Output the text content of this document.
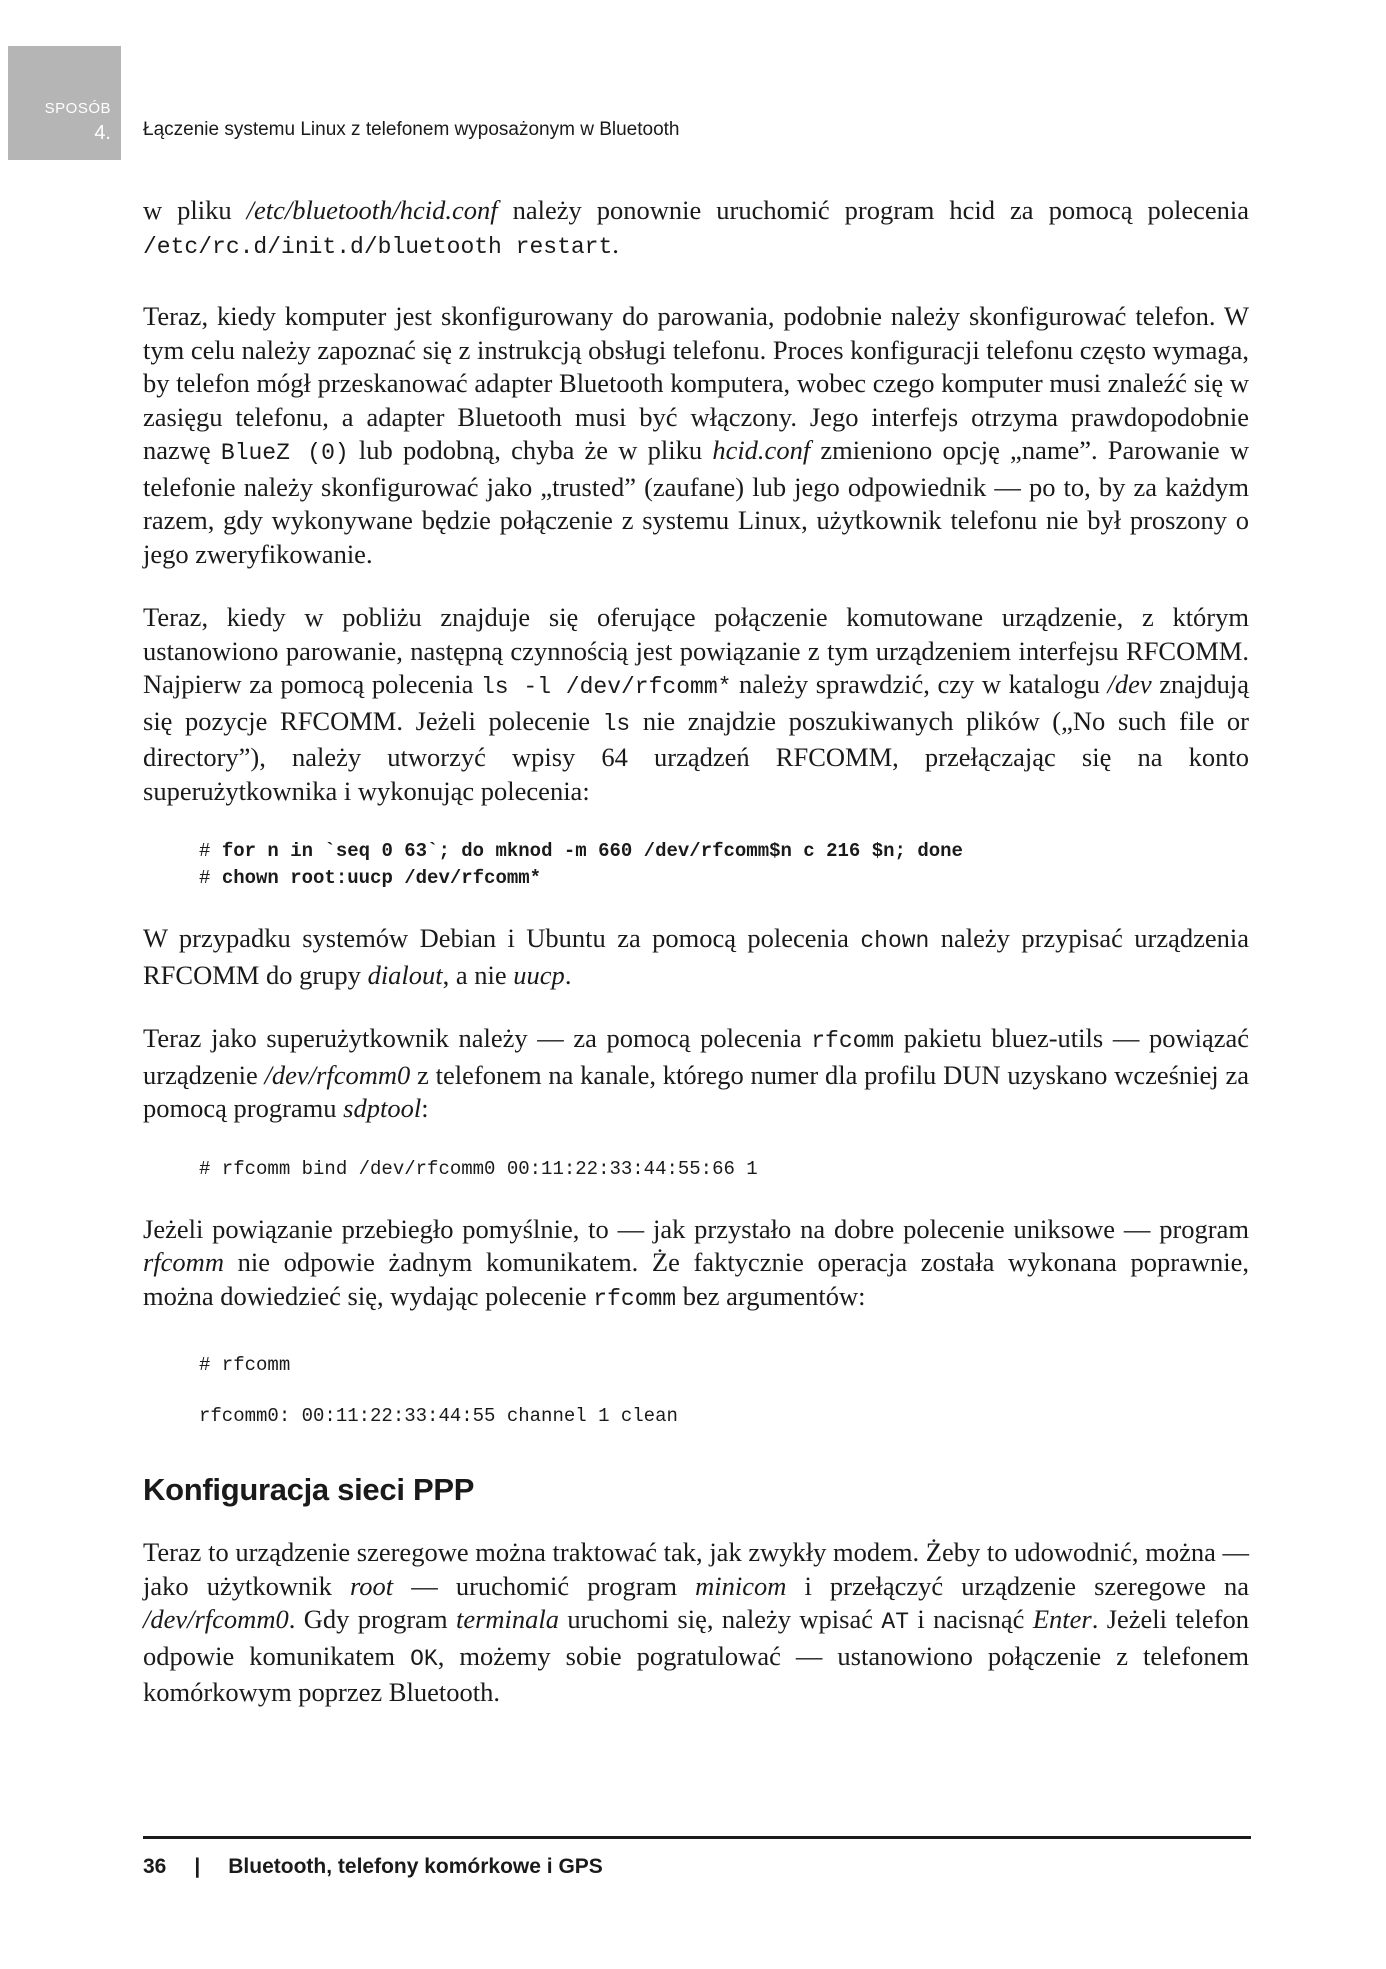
SPOSÓB
4. Łączenie systemu Linux z telefonem wyposażonym w Bluetooth

w pliku /etc/bluetooth/hcid.conf należy ponownie uruchomić program hcid za pomocą polecenia /etc/rc.d/init.d/bluetooth restart.

Teraz, kiedy komputer jest skonfigurowany do parowania, podobnie należy skonfigurować telefon. W tym celu należy zapoznać się z instrukcją obsługi telefonu. Proces konfiguracji telefonu często wymaga, by telefon mógł przeskanować adapter Bluetooth komputera, wobec czego komputer musi znaleźć się w zasięgu telefonu, a adapter Bluetooth musi być włączony. Jego interfejs otrzyma prawdopodobnie nazwę BlueZ (0) lub podobną, chyba że w pliku hcid.conf zmieniono opcję „name”. Parowanie w telefonie należy skonfigurować jako „trusted” (zaufane) lub jego odpowiednik — po to, by za każdym razem, gdy wykonywane będzie połączenie z systemu Linux, użytkownik telefonu nie był proszony o jego zweryfikowanie.

Teraz, kiedy w pobliżu znajduje się oferujące połączenie komutowane urządzenie, z którym ustanowiono parowanie, następną czynnością jest powiązanie z tym urządzeniem interfejsu RFCOMM. Najpierw za pomocą polecenia ls -l /dev/rfcomm* należy sprawdzić, czy w katalogu /dev znajdują się pozycje RFCOMM. Jeżeli polecenie ls nie znajdzie poszukiwanych plików („No such file or directory”), należy utworzyć wpisy 64 urządzeń RFCOMM, przełączając się na konto superużytkownika i wykonując polecenia:

# for n in `seq 0 63`; do mknod -m 660 /dev/rfcomm$n c 216 $n; done
# chown root:uucp /dev/rfcomm*

W przypadku systemów Debian i Ubuntu za pomocą polecenia chown należy przypisać urządzenia RFCOMM do grupy dialout, a nie uucp.

Teraz jako superużytkownik należy — za pomocą polecenia rfcomm pakietu bluez-utils — powiązać urządzenie /dev/rfcomm0 z telefonem na kanale, którego numer dla profilu DUN uzyskano wcześniej za pomocą programu sdptool:

# rfcomm bind /dev/rfcomm0 00:11:22:33:44:55:66 1

Jeżeli powiązanie przebiegło pomyślnie, to — jak przystało na dobre polecenie uniksowe — program rfcomm nie odpowie żadnym komunikatem. Że faktycznie operacja została wykonana poprawnie, można dowiedzieć się, wydając polecenie rfcomm bez argumentów:

# rfcomm
rfcomm0: 00:11:22:33:44:55 channel 1 clean
Konfiguracja sieci PPP

Teraz to urządzenie szeregowe można traktować tak, jak zwykły modem. Żeby to udowodnić, można — jako użytkownik root — uruchomić program minicom i przełączyć urządzenie szeregowe na /dev/rfcomm0. Gdy program terminala uruchomi się, należy wpisać AT i nacisnąć Enter. Jeżeli telefon odpowie komunikatem OK, możemy sobie pogratulować — ustanowiono połączenie z telefonem komórkowym poprzez Bluetooth.

36 | Bluetooth, telefony komórkowe i GPS
